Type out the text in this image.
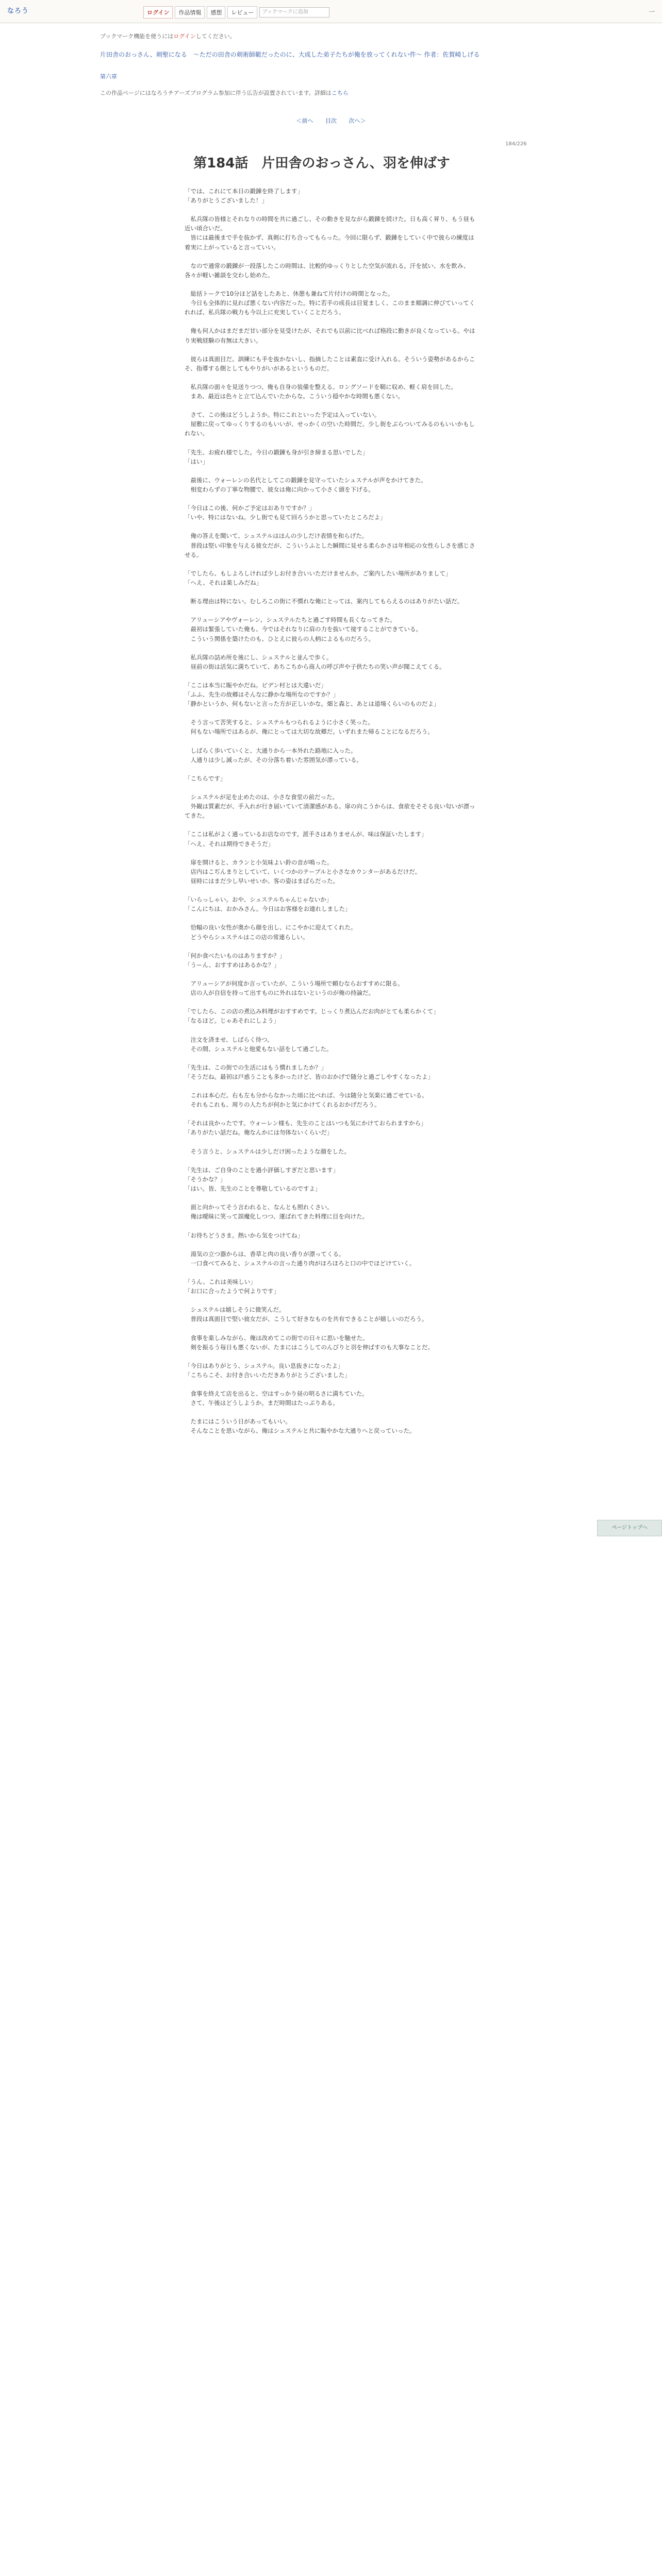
なろう	ログイン	作品情報	感想	レビュー	ブックマークに追加	一
ブックマーク機能を使うにはログインしてください。
片田舎のおっさん、剣聖になる　～ただの田舎の剣術師範だったのに、大成した弟子たちが俺を放ってくれない件～ 作者：佐賀崎しげる
第六章
この作品ページにはなろうチアーズプログラム参加に伴う広告が設置されています。詳細はこちら
＜前へ 目次 次へ＞
184/226
第184話　片田舎のおっさん、羽を伸ばす

「では、これにて本日の鍛錬を終了します」

「ありがとうございました！」

　私兵隊の皆様とそれなりの時間を共に過ごし、その動きを見ながら鍛錬を続けた。日も高く昇り、もう昼も近い頃合いだ。

　皆には最後まで手を抜かず、真剣に打ち合ってもらった。今回に限らず、鍛錬をしていく中で彼らの練度は着実に上がっていると言っていい。

　なので通常の鍛錬が一段落したこの時間は、比較的ゆっくりとした空気が流れる。汗を拭い、水を飲み、各々が軽い雑談を交わし始めた。

　総括トークで10分ほど話をしたあと、休憩も兼ねて片付けの時間となった。

　今日も全体的に見れば悪くない内容だった。特に若手の成長は目覚ましく、このまま順調に伸びていってくれれば、私兵隊の戦力も今以上に充実していくことだろう。

　俺も何人かはまだまだ甘い部分を見受けたが、それでも以前に比べれば格段に動きが良くなっている。やはり実戦経験の有無は大きい。

　彼らは真面目だ。訓練にも手を抜かないし、指摘したことは素直に受け入れる。そういう姿勢があるからこそ、指導する側としてもやりがいがあるというものだ。

　私兵隊の面々を見送りつつ、俺も自身の装備を整える。ロングソードを鞘に収め、軽く肩を回した。

　まあ、最近は色々と立て込んでいたからな。こういう穏やかな時間も悪くない。

　さて、この後はどうしようか。特にこれといった予定は入っていない。

　屋敷に戻ってゆっくりするのもいいが、せっかくの空いた時間だ。少し街をぶらついてみるのもいいかもしれない。

「先生、お疲れ様でした。今日の鍛錬も身が引き締まる思いでした」

「はい」

　最後に、ウォーレンの名代としてこの鍛錬を見守っていたシュステルが声をかけてきた。

　相変わらずの丁寧な物腰で、彼女は俺に向かって小さく頭を下げる。

「今日はこの後、何かご予定はおありですか？」

「いや、特にはないね。少し街でも見て回ろうかと思っていたところだよ」

　俺の答えを聞いて、シュステルはほんの少しだけ表情を和らげた。

　普段は堅い印象を与える彼女だが、こういうふとした瞬間に見せる柔らかさは年相応の女性らしさを感じさせる。

「でしたら、もしよろしければ少しお付き合いいただけませんか。ご案内したい場所がありまして」

「へえ、それは楽しみだね」

　断る理由は特にない。むしろこの街に不慣れな俺にとっては、案内してもらえるのはありがたい話だ。

　アリューシアやヴォーレン、シュステルたちと過ごす時間も長くなってきた。

　最初は緊張していた俺も、今ではそれなりに肩の力を抜いて接することができている。

　こういう関係を築けたのも、ひとえに彼らの人柄によるものだろう。

　私兵隊の詰め所を後にし、シュステルと並んで歩く。

　昼前の街は活気に満ちていて、あちこちから商人の呼び声や子供たちの笑い声が聞こえてくる。

「ここは本当に賑やかだね。ビデン村とは大違いだ」

「ふふ、先生の故郷はそんなに静かな場所なのですか？」

「静かというか、何もないと言った方が正しいかな。畑と森と、あとは道場くらいのものだよ」

　そう言って苦笑すると、シュステルもつられるように小さく笑った。

　何もない場所ではあるが、俺にとっては大切な故郷だ。いずれまた帰ることになるだろう。

　しばらく歩いていくと、大通りから一本外れた路地に入った。

　人通りは少し減ったが、その分落ち着いた雰囲気が漂っている。

「こちらです」

　シュステルが足を止めたのは、小さな食堂の前だった。

　外観は質素だが、手入れが行き届いていて清潔感がある。扉の向こうからは、食欲をそそる良い匂いが漂ってきた。

「ここは私がよく通っているお店なのです。派手さはありませんが、味は保証いたします」

「へえ、それは期待できそうだ」

　扉を開けると、カランと小気味よい鈴の音が鳴った。

　店内はこぢんまりとしていて、いくつかのテーブルと小さなカウンターがあるだけだ。

　昼時にはまだ少し早いせいか、客の姿はまばらだった。

「いらっしゃい。おや、シュステルちゃんじゃないか」

「こんにちは、おかみさん。今日はお客様をお連れしました」

　恰幅の良い女性が奥から顔を出し、にこやかに迎えてくれた。

　どうやらシュステルはこの店の常連らしい。

「何か食べたいものはありますか？」

「うーん、おすすめはあるかな？」

　アリューシアが何度か言っていたが、こういう場所で頼むならおすすめに限る。

　店の人が自信を持って出すものに外れはないというのが俺の持論だ。

「でしたら、この店の煮込み料理がおすすめです。じっくり煮込んだお肉がとても柔らかくて」

「なるほど。じゃあそれにしよう」

　注文を済ませ、しばらく待つ。

　その間、シュステルと他愛もない話をして過ごした。

「先生は、この街での生活にはもう慣れましたか？」

「そうだね。最初は戸惑うことも多かったけど、皆のおかげで随分と過ごしやすくなったよ」

　これは本心だ。右も左も分からなかった頃に比べれば、今は随分と気楽に過ごせている。

　それもこれも、周りの人たちが何かと気にかけてくれるおかげだろう。

「それは良かったです。ウォーレン様も、先生のことはいつも気にかけておられますから」

「ありがたい話だね。俺なんかには勿体ないくらいだ」

　そう言うと、シュステルは少しだけ困ったような顔をした。

「先生は、ご自身のことを過小評価しすぎだと思います」

「そうかな？」

「はい。皆、先生のことを尊敬しているのですよ」

　面と向かってそう言われると、なんとも照れくさい。

　俺は曖昧に笑って誤魔化しつつ、運ばれてきた料理に目を向けた。

「お待ちどうさま。熱いから気をつけてね」

　湯気の立つ器からは、香草と肉の良い香りが漂ってくる。

　一口食べてみると、シュステルの言った通り肉がほろほろと口の中でほどけていく。

「うん、これは美味しい」

「お口に合ったようで何よりです」

　シュステルは嬉しそうに微笑んだ。

　普段は真面目で堅い彼女だが、こうして好きなものを共有できることが嬉しいのだろう。

　食事を楽しみながら、俺は改めてこの街での日々に思いを馳せた。

　剣を振るう毎日も悪くないが、たまにはこうしてのんびりと羽を伸ばすのも大事なことだ。

「今日はありがとう、シュステル。良い息抜きになったよ」

「こちらこそ、お付き合いいただきありがとうございました」

　食事を終えて店を出ると、空はすっかり昼の明るさに満ちていた。

　さて、午後はどうしようか。まだ時間はたっぷりある。

　たまにはこういう日があってもいい。

　そんなことを思いながら、俺はシュステルと共に賑やかな大通りへと戻っていった。

ページトップへ
